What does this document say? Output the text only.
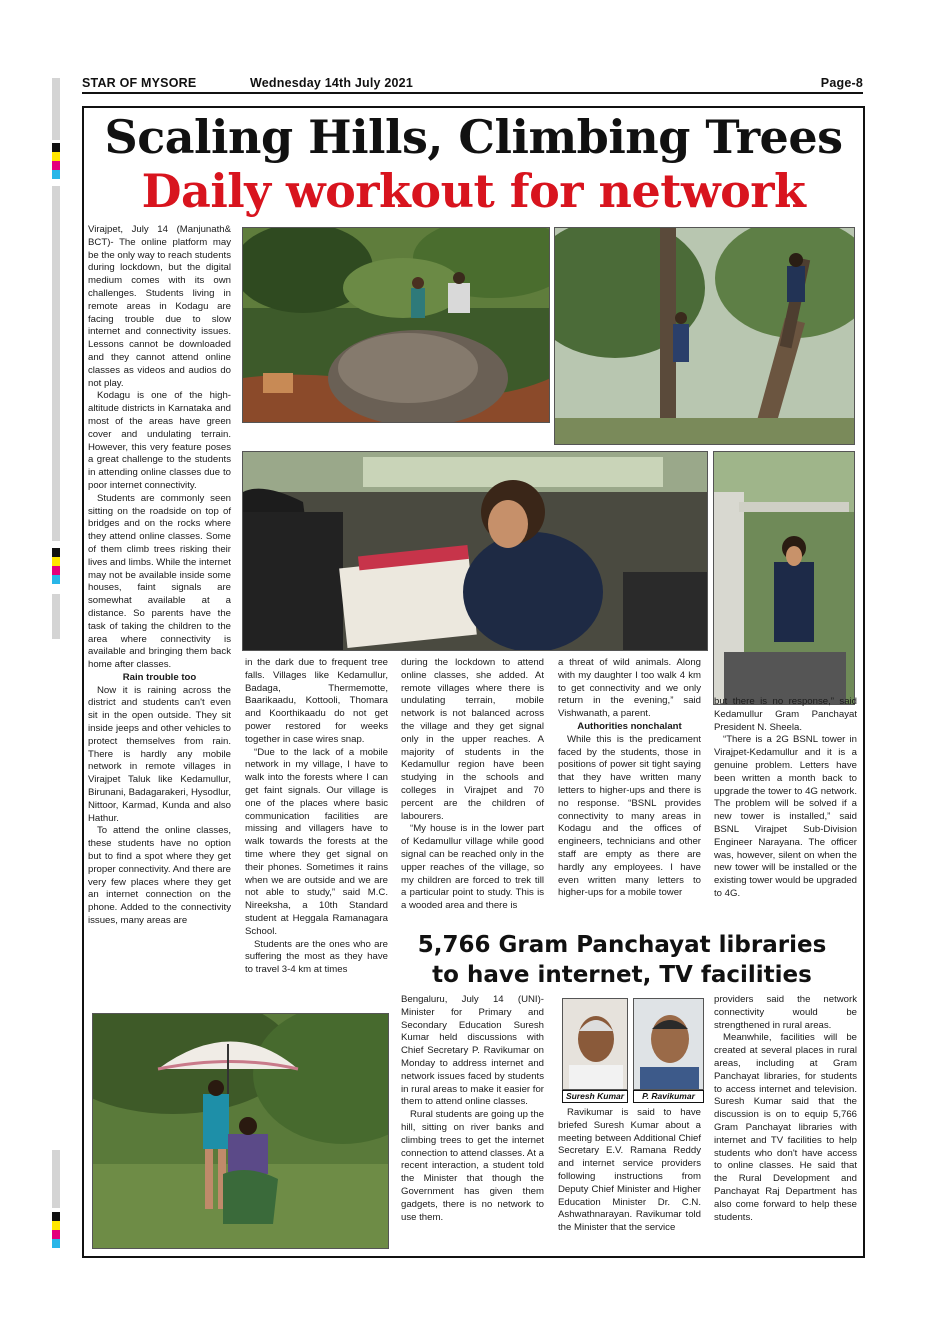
STAR OF MYSORE	Wednesday 14th July 2021	Page-8
Scaling Hills, Climbing Trees
Daily workout for network

Virajpet, July 14 (Manjunath& BCT)- The online platform may be the only way to reach students during lockdown, but the digital medium comes with its own challenges. Students living in remote areas in Kodagu are facing trouble due to slow internet and connectivity issues. Lessons cannot be downloaded and they cannot attend online classes as videos and audios do not play.

Kodagu is one of the high-altitude districts in Karnataka and most of the areas have green cover and undulating terrain. However, this very feature poses a great challenge to the students in attending online classes due to poor internet connectivity.

Students are commonly seen sitting on the roadside on top of bridges and on the rocks where they attend online classes. Some of them climb trees risking their lives and limbs. While the internet may not be available inside some houses, faint signals are somewhat available at a distance. So parents have the task of taking the children to the area where connectivity is available and bringing them back home after classes.

Rain trouble too

Now it is raining across the district and students can't even sit in the open outside. They sit inside jeeps and other vehicles to protect themselves from rain. There is hardly any mobile network in remote villages in Virajpet Taluk like Kedamullur, Birunani, Badagarakeri, Hysodlur, Nittoor, Karmad, Kunda and also Hathur.

To attend the online classes, these students have no option but to find a spot where they get proper connectivity. And there are very few places where they get an internet connection on the phone. Added to the connectivity issues, many areas are

in the dark due to frequent tree falls. Villages like Kedamullur, Badaga, Thermemotte, Baarikaadu, Kottooli, Thomara and Koorthikaadu do not get power restored for weeks together in case wires snap.

“Due to the lack of a mobile network in my village, I have to walk into the forests where I can get faint signals. Our village is one of the places where basic communication facilities are missing and villagers have to walk towards the forests at the time where they get signal on their phones. Sometimes it rains when we are outside and we are not able to study,” said M.C. Nireeksha, a 10th Standard student at Heggala Ramanagara School.

Students are the ones who are suffering the most as they have to travel 3-4 km at times

during the lockdown to attend online classes, she added. At remote villages where there is undulating terrain, mobile network is not balanced across the village and they get signal only in the upper reaches. A majority of students in the Kedamullur region have been studying in the schools and colleges in Virajpet and 70 percent are the children of labourers.

“My house is in the lower part of Kedamullur village while good signal can be reached only in the upper reaches of the village, so my children are forced to trek till a particular point to study. This is a wooded area and there is

a threat of wild animals. Along with my daughter I too walk 4 km to get connectivity and we only return in the evening,” said Vishwanath, a parent.

Authorities nonchalant

While this is the predicament faced by the students, those in positions of power sit tight saying that they have written many letters to higher-ups and there is no response. “BSNL provides connectivity to many areas in Kodagu and the offices of engineers, technicians and other staff are empty as there are hardly any employees. I have even written many letters to higher-ups for a mobile tower

but there is no response,” said Kedamullur Gram Panchayat President N. Sheela.

“There is a 2G BSNL tower in Virajpet-Kedamullur and it is a genuine problem. Letters have been written a month back to upgrade the tower to 4G network. The problem will be solved if a new tower is installed,” said BSNL Virajpet Sub-Division Engineer Narayana. The officer was, however, silent on when the new tower will be installed or the existing tower would be upgraded to 4G.

5,766 Gram Panchayat libraries
to have internet, TV facilities

Bengaluru, July 14 (UNI)- Minister for Primary and Secondary Education Suresh Kumar held discussions with Chief Secretary P. Ravikumar on Monday to address internet and network issues faced by students in rural areas to make it easier for them to attend online classes.

Rural students are going up the hill, sitting on river banks and climbing trees to get the internet connection to attend classes. At a recent interaction, a student told the Minister that though the Government has given them gadgets, there is no network to use them.

Suresh Kumar	P. Ravikumar

Ravikumar is said to have briefed Suresh Kumar about a meeting between Additional Chief Secretary E.V. Ramana Reddy and internet service providers following instructions from Deputy Chief Minister and Higher Education Minister Dr. C.N. Ashwathnarayan. Ravikumar told the Minister that the service

providers said the network connectivity would be strengthened in rural areas.

Meanwhile, facilities will be created at several places in rural areas, including at Gram Panchayat libraries, for students to access internet and television. Suresh Kumar said that the discussion is on to equip 5,766 Gram Panchayat libraries with internet and TV facilities to help students who don't have access to online classes. He said that the Rural Development and Panchayat Raj Department has also come forward to help these students.
